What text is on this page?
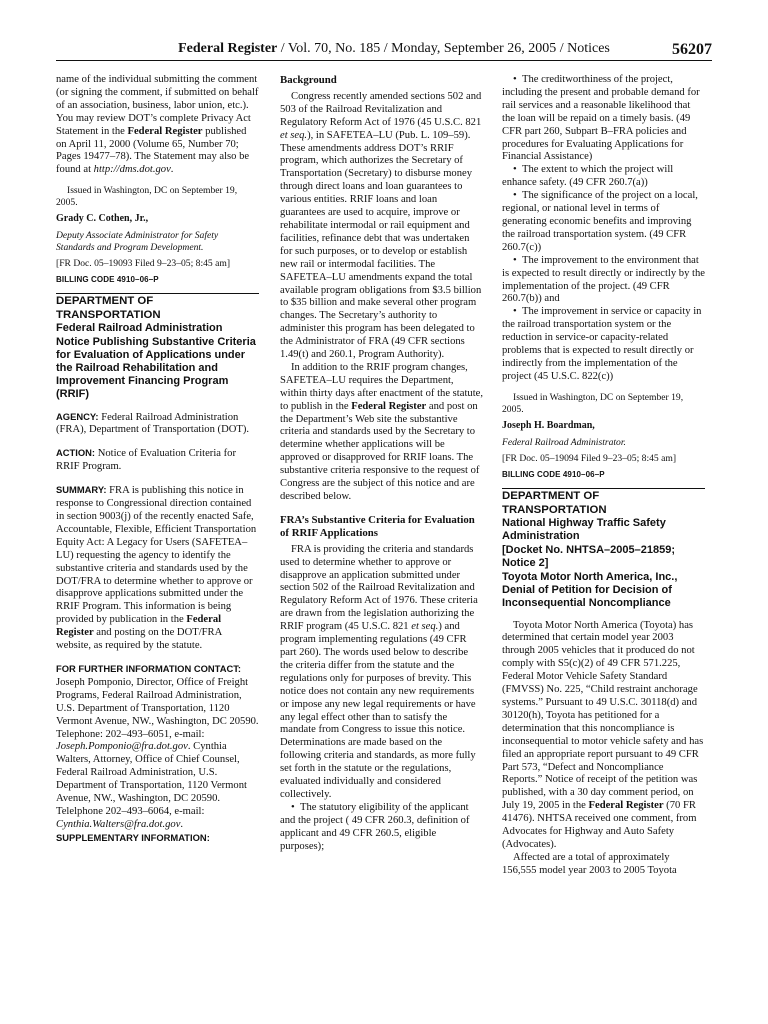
Federal Register / Vol. 70, No. 185 / Monday, September 26, 2005 / Notices	56207

name of the individual submitting the comment (or signing the comment, if submitted on behalf of an association, business, labor union, etc.). You may review DOT’s complete Privacy Act Statement in the Federal Register published on April 11, 2000 (Volume 65, Number 70; Pages 19477–78). The Statement may also be found at http://dms.dot.gov.

Issued in Washington, DC on September 19, 2005.

Grady C. Cothen, Jr.,

Deputy Associate Administrator for Safety Standards and Program Development.

[FR Doc. 05–19093 Filed 9–23–05; 8:45 am]

BILLING CODE 4910–06–P

DEPARTMENT OF TRANSPORTATION

Federal Railroad Administration

Notice Publishing Substantive Criteria for Evaluation of Applications under the Railroad Rehabilitation and Improvement Financing Program (RRIF)

AGENCY: Federal Railroad Administration (FRA), Department of Transportation (DOT).

ACTION: Notice of Evaluation Criteria for RRIF Program.

SUMMARY: FRA is publishing this notice in response to Congressional direction contained in section 9003(j) of the recently enacted Safe, Accountable, Flexible, Efficient Transportation Equity Act: A Legacy for Users (SAFETEA–LU) requesting the agency to identify the substantive criteria and standards used by the DOT/FRA to determine whether to approve or disapprove applications submitted under the RRIF Program. This information is being provided by publication in the Federal Register and posting on the DOT/FRA website, as required by the statute.

FOR FURTHER INFORMATION CONTACT: Joseph Pomponio, Director, Office of Freight Programs, Federal Railroad Administration, U.S. Department of Transportation, 1120 Vermont Avenue, NW., Washington, DC 20590. Telephone: 202–493–6051, e-mail: Joseph.Pomponio@fra.dot.gov. Cynthia Walters, Attorney, Office of Chief Counsel, Federal Railroad Administration, U.S. Department of Transportation, 1120 Vermont Avenue, NW., Washington, DC 20590. Telelphone 202–493–6064, e-mail: Cynthia.Walters@fra.dot.gov.

SUPPLEMENTARY INFORMATION:

Background

Congress recently amended sections 502 and 503 of the Railroad Revitalization and Regulatory Reform Act of 1976 (45 U.S.C. 821 et seq.), in SAFETEA–LU (Pub. L. 109–59). These amendments address DOT’s RRIF program, which authorizes the Secretary of Transportation (Secretary) to disburse money through direct loans and loan guarantees to various entities. RRIF loans and loan guarantees are used to acquire, improve or rehabilitate intermodal or rail equipment and facilities, refinance debt that was undertaken for such purposes, or to develop or establish new rail or intermodal facilities. The SAFETEA–LU amendments expand the total available program obligations from $3.5 billion to $35 billion and make several other program changes. The Secretary’s authority to administer this program has been delegated to the Administrator of FRA (49 CFR sections 1.49(t) and 260.1, Program Authority).

In addition to the RRIF program changes, SAFETEA–LU requires the Department, within thirty days after enactment of the statute, to publish in the Federal Register and post on the Department’s Web site the substantive criteria and standards used by the Secretary to determine whether applications will be approved or disapproved for RRIF loans. The substantive criteria responsive to the request of Congress are the subject of this notice and are described below.

FRA’s Substantive Criteria for Evaluation of RRIF Applications

FRA is providing the criteria and standards used to determine whether to approve or disapprove an application submitted under section 502 of the Railroad Revitalization and Regulatory Reform Act of 1976. These criteria are drawn from the legislation authorizing the RRIF program (45 U.S.C. 821 et seq.) and program implementing regulations (49 CFR part 260). The words used below to describe the criteria differ from the statute and the regulations only for purposes of brevity. This notice does not contain any new requirements or impose any new legal requirements or have any legal effect other than to satisfy the mandate from Congress to issue this notice. Determinations are made based on the following criteria and standards, as more fully set forth in the statute or the regulations, evaluated individually and considered collectively.

•  The statutory eligibility of the applicant and the project ( 49 CFR 260.3, definition of applicant and 49 CFR 260.5, eligible purposes);

•  The creditworthiness of the project, including the present and probable demand for rail services and a reasonable likelihood that the loan will be repaid on a timely basis. (49 CFR part 260, Subpart B–FRA policies and procedures for Evaluating Applications for Financial Assistance)

•  The extent to which the project will enhance safety. (49 CFR 260.7(a))

•  The significance of the project on a local, regional, or national level in terms of generating economic benefits and improving the railroad transportation system. (49 CFR 260.7(c))

•  The improvement to the environment that is expected to result directly or indirectly by the implementation of the project. (49 CFR 260.7(b)) and

•  The improvement in service or capacity in the railroad transportation system or the reduction in service-or capacity-related problems that is expected to result directly or indirectly from the implementation of the project (45 U.S.C. 822(c))

Issued in Washington, DC on September 19, 2005.

Joseph H. Boardman,

Federal Railroad Administrator.

[FR Doc. 05–19094 Filed 9–23–05; 8:45 am]

BILLING CODE 4910–06–P

DEPARTMENT OF TRANSPORTATION

National Highway Traffic Safety Administration

[Docket No. NHTSA–2005–21859; Notice 2]

Toyota Motor North America, Inc., Denial of Petition for Decision of Inconsequential Noncompliance

Toyota Motor North America (Toyota) has determined that certain model year 2003 through 2005 vehicles that it produced do not comply with S5(c)(2) of 49 CFR 571.225, Federal Motor Vehicle Safety Standard (FMVSS) No. 225, “Child restraint anchorage systems.” Pursuant to 49 U.S.C. 30118(d) and 30120(h), Toyota has petitioned for a determination that this noncompliance is inconsequential to motor vehicle safety and has filed an appropriate report pursuant to 49 CFR Part 573, “Defect and Noncompliance Reports.” Notice of receipt of the petition was published, with a 30 day comment period, on July 19, 2005 in the Federal Register (70 FR 41476). NHTSA received one comment, from Advocates for Highway and Auto Safety (Advocates).

Affected are a total of approximately 156,555 model year 2003 to 2005 Toyota
